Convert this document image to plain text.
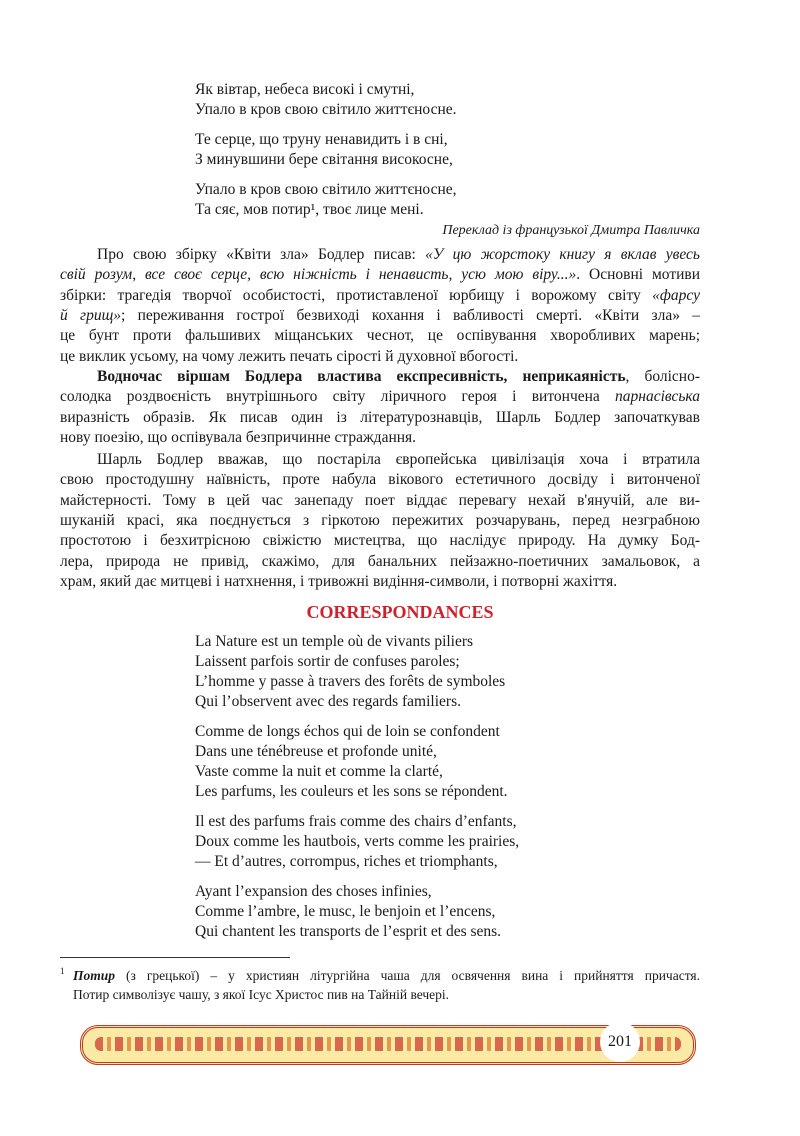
Як вівтар, небеса високі і смутні,
Упало в кров свою світило життєносне.
Те серце, що труну ненавидить і в сні,
З минувшини бере світання високосне,
Упало в кров свою світило життєносне,
Та сяє, мов потир¹, твоє лице мені.
Переклад із французької Дмитра Павличка
Про свою збірку «Квіти зла» Бодлер писав: «У цю жорстоку книгу я вклав увесь
свій розум, все своє серце, всю ніжність і ненависть, усю мою віру...». Основні мотиви
збірки: трагедія творчої особистості, протиставленої юрбищу і ворожому світу «фарсу
й грищ»; переживання гострої безвиході кохання і вабливості смерті. «Квіти зла» –
це бунт проти фальшивих міщанських чеснот, це оспівування хворобливих марень;
це виклик усьому, на чому лежить печать сірості й духовної вбогості.
Водночас віршам Бодлера властива експресивність, неприкаяність, болісно-
солодка роздвоєність внутрішнього світу ліричного героя і витончена парнасівська
виразність образів. Як писав один із літературознавців, Шарль Бодлер започаткував
нову поезію, що оспівувала безпричинне страждання.
Шарль Бодлер вважав, що постаріла європейська цивілізація хоча і втратила
свою простодушну наївність, проте набула вікового естетичного досвіду і витонченої
майстерності. Тому в цей час занепаду поет віддає перевагу нехай в'янучій, але ви-
шуканій красі, яка поєднується з гіркотою пережитих розчарувань, перед незграбною
простотою і безхитрісною свіжістю мистецтва, що наслідує природу. На думку Бод-
лера, природа не привід, скажімо, для банальних пейзажно-поетичних замальовок, а
храм, який дає митцеві і натхнення, і тривожні видіння-символи, і потворні жахіття.
CORRESPONDANCES
La Nature est un temple où de vivants piliers
Laissent parfois sortir de confuses paroles;
L’homme y passe à travers des forêts de symboles
Qui l’observent avec des regards familiers.
Comme de longs échos qui de loin se confondent
Dans une ténébreuse et profonde unité,
Vaste comme la nuit et comme la clarté,
Les parfums, les couleurs et les sons se répondent.
Il est des parfums frais comme des chairs d’enfants,
Doux comme les hautbois, verts comme les prairies,
— Et d’autres, corrompus, riches et triomphants,
Ayant l’expansion des choses infinies,
Comme l’ambre, le musc, le benjoin et l’encens,
Qui chantent les transports de l’esprit et des sens.
1 Потир (з грецької) – у християн літургійна чаша для освячення вина і прийняття причастя.
Потир символізує чашу, з якої Ісус Христос пив на Тайній вечері.
201
